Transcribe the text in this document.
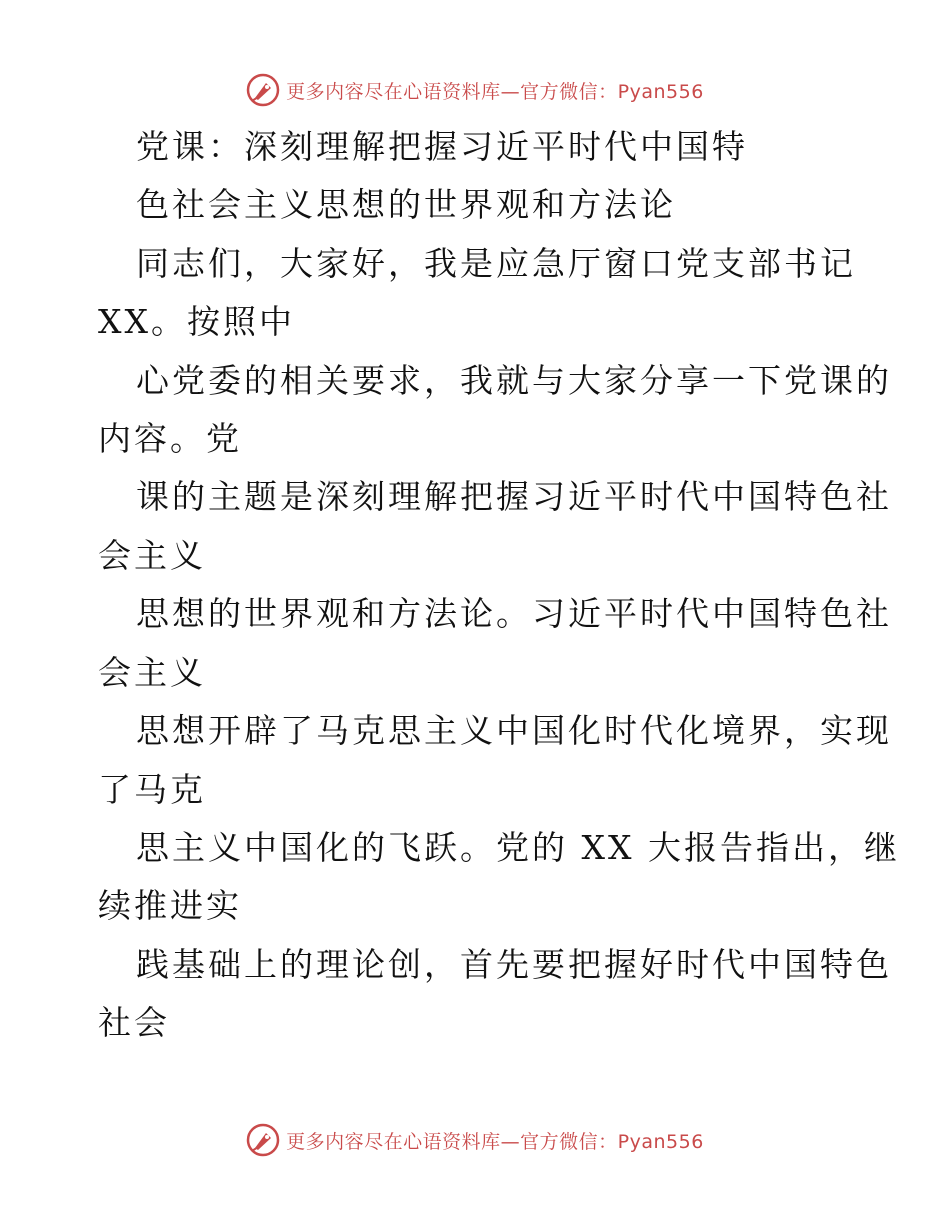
更多内容尽在心语资料库—官方微信：Pyan556
党课：深刻理解把握习近平时代中国特
色社会主义思想的世界观和方法论
同志们，大家好，我是应急厅窗口党支部书记
XX。按照中
心党委的相关要求，我就与大家分享一下党课的
内容。党
课的主题是深刻理解把握习近平时代中国特色社
会主义
思想的世界观和方法论。习近平时代中国特色社
会主义
思想开辟了马克思主义中国化时代化境界，实现
了马克
思主义中国化的飞跃。党的 XX 大报告指出，继
续推进实
践基础上的理论创，首先要把握好时代中国特色
社会
更多内容尽在心语资料库—官方微信：Pyan556
